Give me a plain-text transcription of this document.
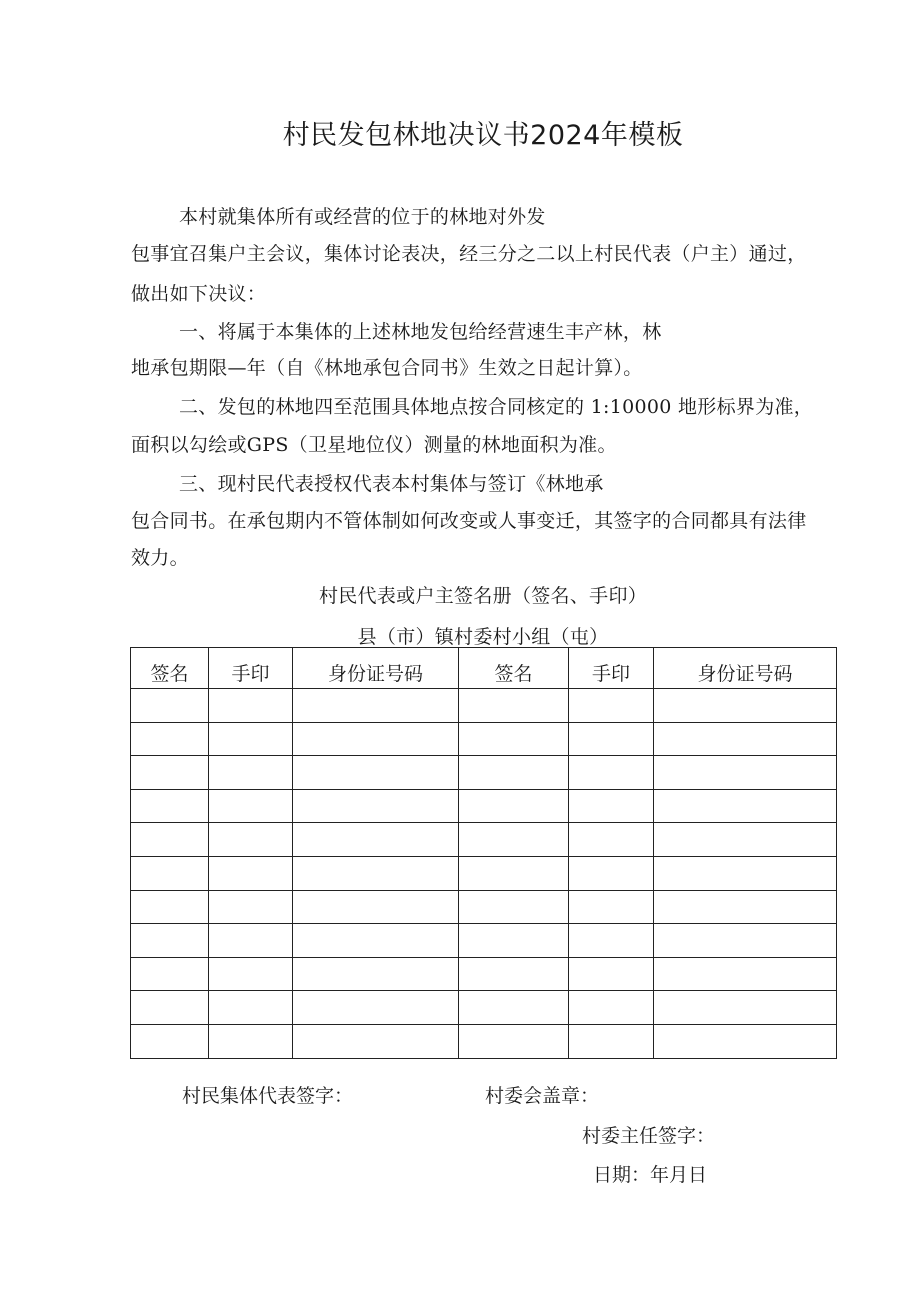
村民发包林地决议书2024年模板
本村就集体所有或经营的位于的林地对外发
包事宜召集户主会议，集体讨论表决，经三分之二以上村民代表（户主）通过，
做出如下决议：
一、将属于本集体的上述林地发包给经营速生丰产林，林
地承包期限—年（自《林地承包合同书》生效之日起计算）。
二、发包的林地四至范围具体地点按合同核定的 1:10000 地形标界为准，
面积以勾绘或GPS（卫星地位仪）测量的林地面积为准。
三、现村民代表授权代表本村集体与签订《林地承
包合同书。在承包期内不管体制如何改变或人事变迁，其签字的合同都具有法律
效力。
村民代表或户主签名册（签名、手印）
县（市）镇村委村小组（屯）
签名	手印	身份证号码	签名	手印	身份证号码

村民集体代表签字：	村委会盖章：
村委主任签字：
日期：年月日
